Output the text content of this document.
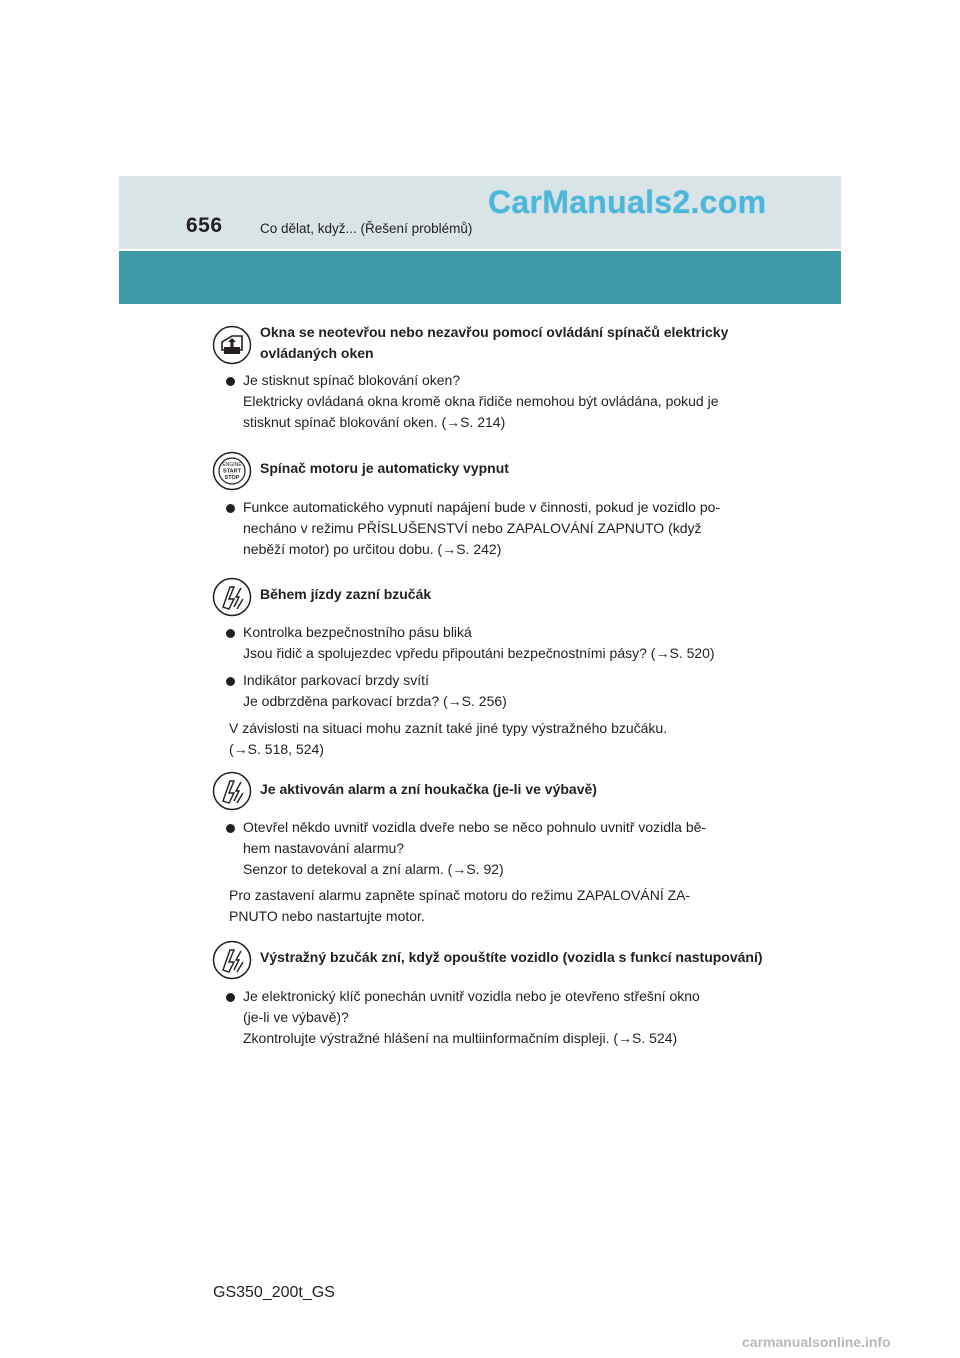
656	Co dělat, když... (Řešení problémů)
CarManuals2.com
Okna se neotevřou nebo nezavřou pomocí ovládání spínačů elektricky
ovládaných oken
Je stisknut spínač blokování oken?
Elektricky ovládaná okna kromě okna řidiče nemohou být ovládána, pokud je
stisknut spínač blokování oken. (→S. 214)
ENGINE
START
STOP
Spínač motoru je automaticky vypnut
Funkce automatického vypnutí napájení bude v činnosti, pokud je vozidlo po-
necháno v režimu PŘÍSLUŠENSTVÍ nebo ZAPALOVÁNÍ ZAPNUTO (když
neběží motor) po určitou dobu. (→S. 242)
Během jízdy zazní bzučák
Kontrolka bezpečnostního pásu bliká
Jsou řidič a spolujezdec vpředu připoutáni bezpečnostními pásy? (→S. 520)
Indikátor parkovací brzdy svítí
Je odbrzděna parkovací brzda? (→S. 256)
V závislosti na situaci mohu zaznít také jiné typy výstražného bzučáku.
(→S. 518, 524)
Je aktivován alarm a zní houkačka (je-li ve výbavě)
Otevřel někdo uvnitř vozidla dveře nebo se něco pohnulo uvnitř vozidla bě-
hem nastavování alarmu?
Senzor to detekoval a zní alarm. (→S. 92)
Pro zastavení alarmu zapněte spínač motoru do režimu ZAPALOVÁNÍ ZA-
PNUTO nebo nastartujte motor.
Výstražný bzučák zní, když opouštíte vozidlo (vozidla s funkcí nastupování)
Je elektronický klíč ponechán uvnitř vozidla nebo je otevřeno střešní okno
(je-li ve výbavě)?
Zkontrolujte výstražné hlášení na multiinformačním displeji. (→S. 524)
GS350_200t_GS
carmanualsonline.info
